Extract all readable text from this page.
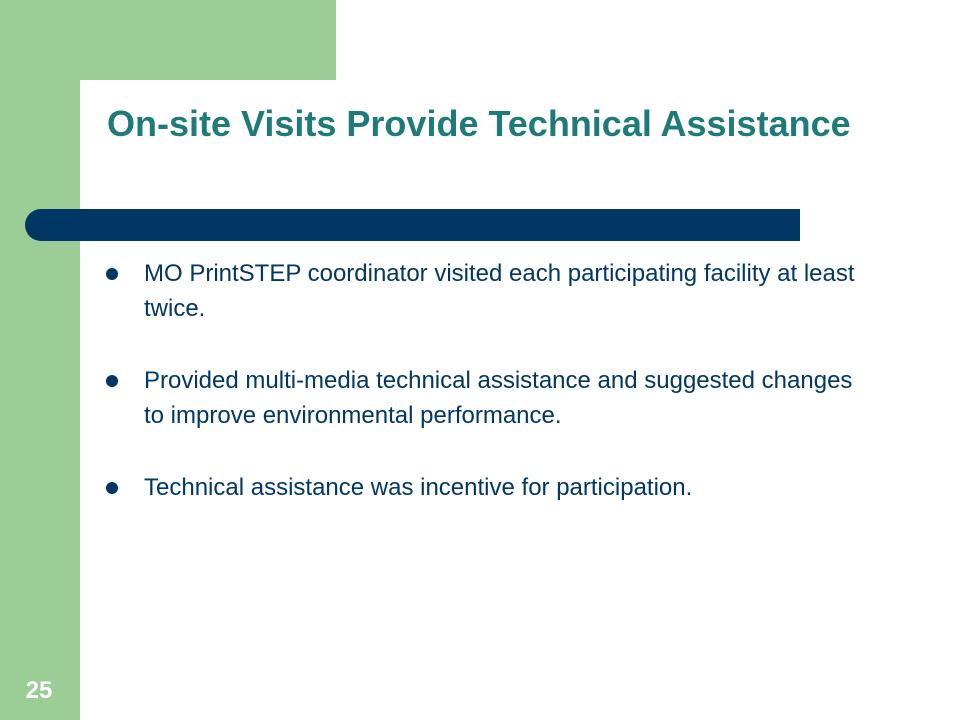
On-site Visits Provide Technical Assistance
MO PrintSTEP coordinator visited each participating facility at least twice.
Provided multi-media technical assistance and suggested changes to improve environmental performance.
Technical assistance was incentive for participation.
25
